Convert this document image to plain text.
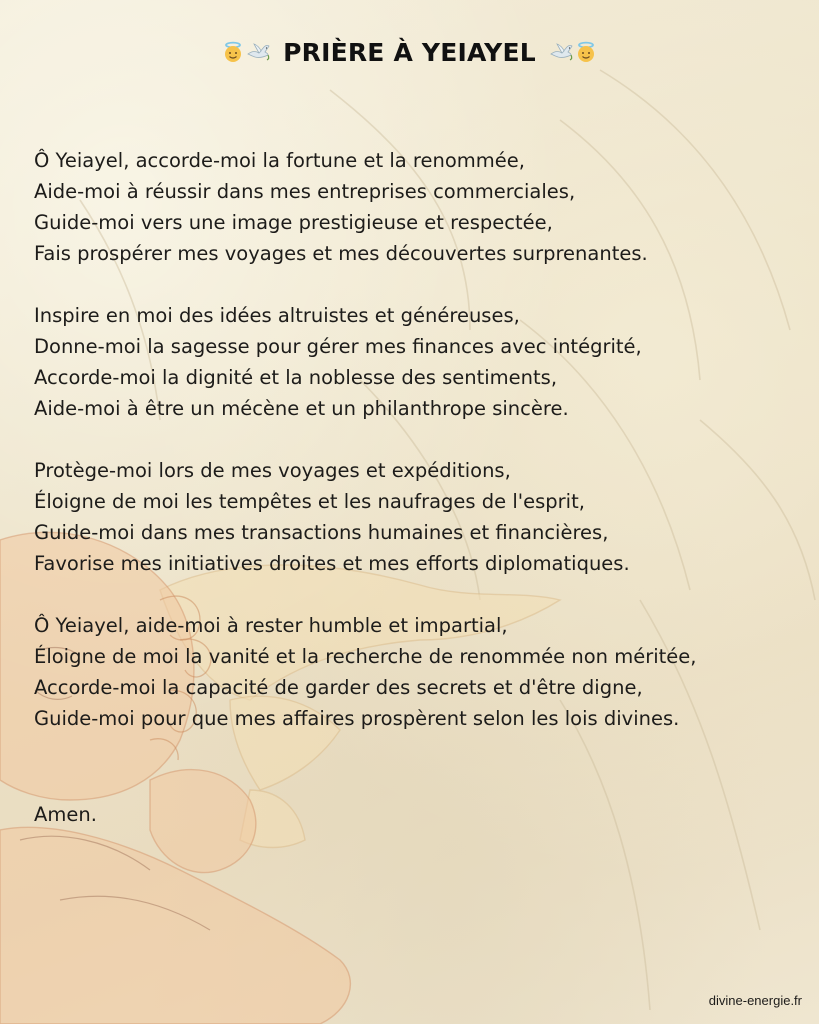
PRIÈRE À YEIAYEL
Ô Yeiayel, accorde-moi la fortune et la renommée,
Aide-moi à réussir dans mes entreprises commerciales,
Guide-moi vers une image prestigieuse et respectée,
Fais prospérer mes voyages et mes découvertes surprenantes.
Inspire en moi des idées altruistes et généreuses,
Donne-moi la sagesse pour gérer mes finances avec intégrité,
Accorde-moi la dignité et la noblesse des sentiments,
Aide-moi à être un mécène et un philanthrope sincère.
Protège-moi lors de mes voyages et expéditions,
Éloigne de moi les tempêtes et les naufrages de l'esprit,
Guide-moi dans mes transactions humaines et financières,
Favorise mes initiatives droites et mes efforts diplomatiques.
Ô Yeiayel, aide-moi à rester humble et impartial,
Éloigne de moi la vanité et la recherche de renommée non méritée,
Accorde-moi la capacité de garder des secrets et d'être digne,
Guide-moi pour que mes affaires prospèrent selon les lois divines.
Amen.
divine-energie.fr
